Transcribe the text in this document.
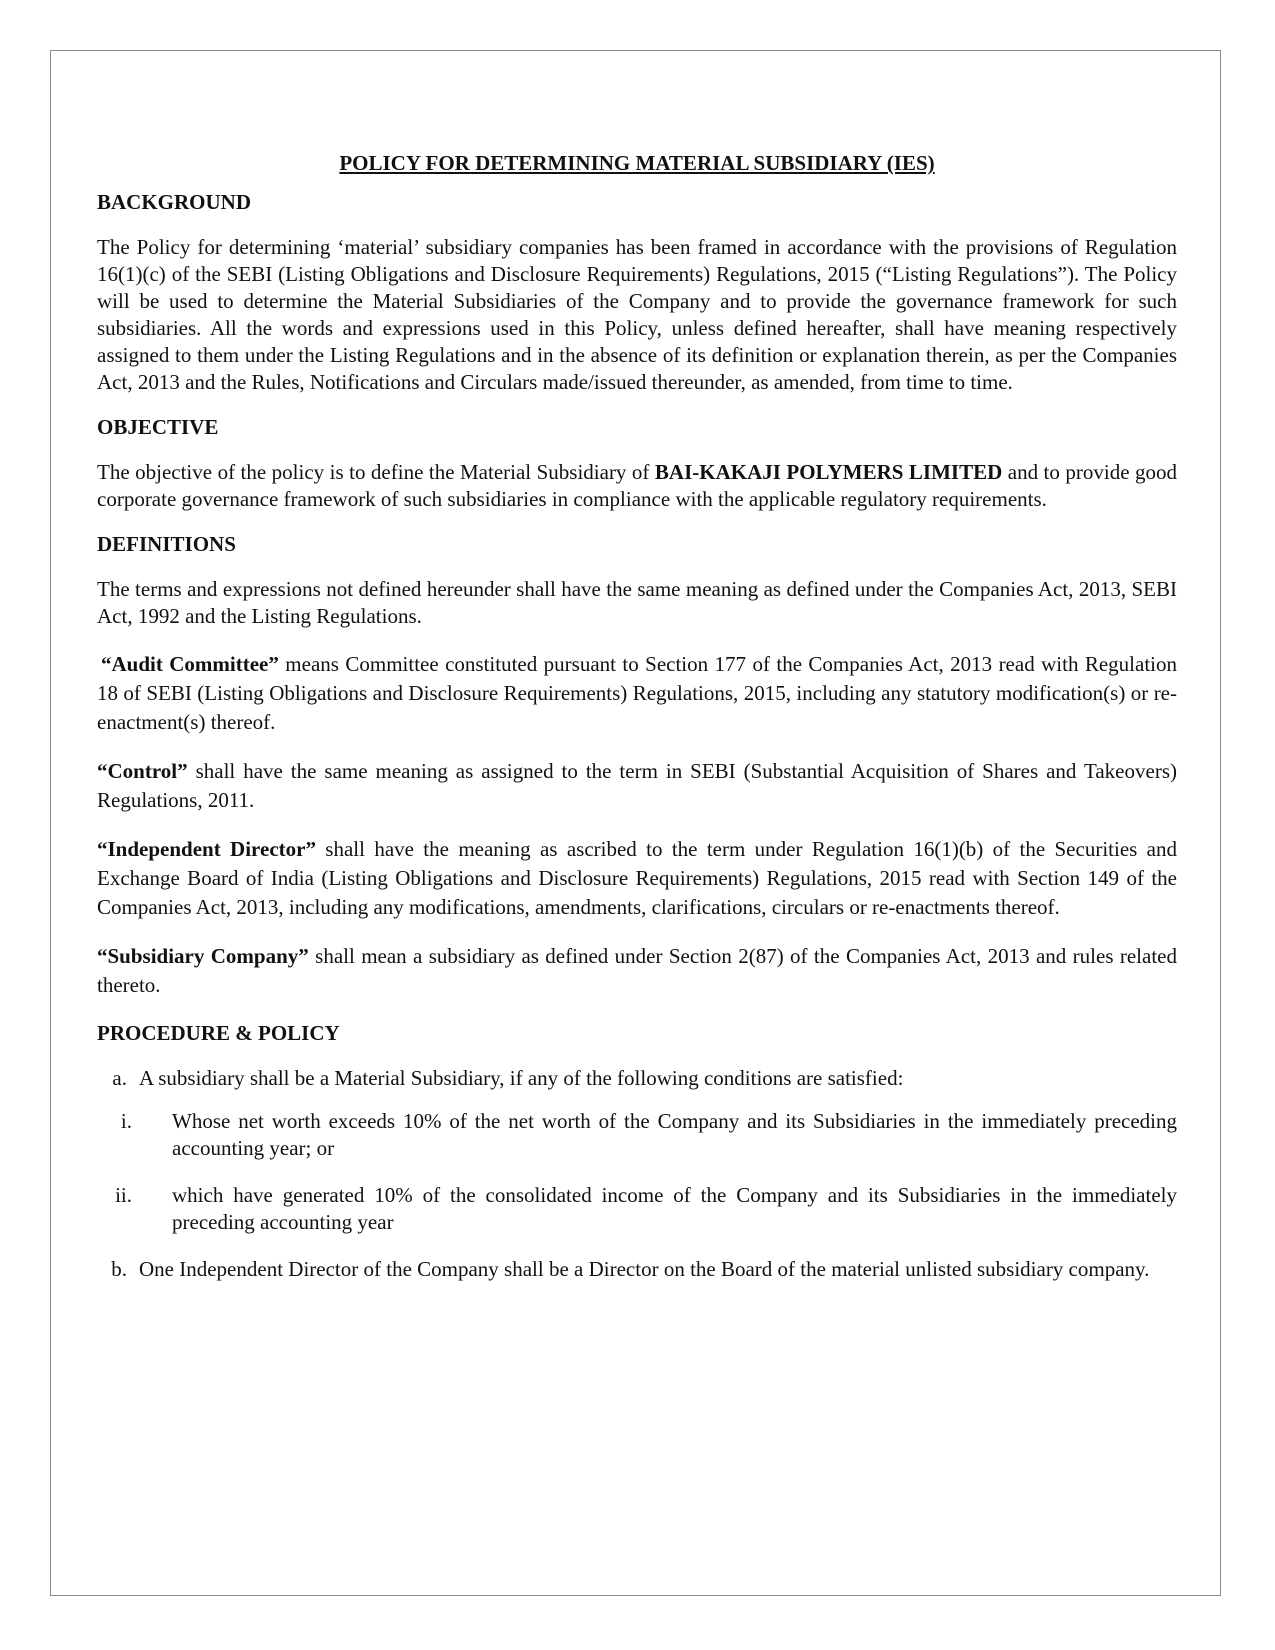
POLICY FOR DETERMINING MATERIAL SUBSIDIARY (IES)
BACKGROUND

The Policy for determining ‘material’ subsidiary companies has been framed in accordance with the provisions of Regulation 16(1)(c) of the SEBI (Listing Obligations and Disclosure Requirements) Regulations, 2015 (“Listing Regulations”). The Policy will be used to determine the Material Subsidiaries of the Company and to provide the governance framework for such subsidiaries. All the words and expressions used in this Policy, unless defined hereafter, shall have meaning respectively assigned to them under the Listing Regulations and in the absence of its definition or explanation therein, as per the Companies Act, 2013 and the Rules, Notifications and Circulars made/issued thereunder, as amended, from time to time.

OBJECTIVE

The objective of the policy is to define the Material Subsidiary of BAI-KAKAJI POLYMERS LIMITED and to provide good corporate governance framework of such subsidiaries in compliance with the applicable regulatory requirements.

DEFINITIONS

The terms and expressions not defined hereunder shall have the same meaning as defined under the Companies Act, 2013, SEBI Act, 1992 and the Listing Regulations.

“Audit Committee” means Committee constituted pursuant to Section 177 of the Companies Act, 2013 read with Regulation 18 of SEBI (Listing Obligations and Disclosure Requirements) Regulations, 2015, including any statutory modification(s) or re-enactment(s) thereof.

“Control” shall have the same meaning as assigned to the term in SEBI (Substantial Acquisition of Shares and Takeovers) Regulations, 2011.

“Independent Director” shall have the meaning as ascribed to the term under Regulation 16(1)(b) of the Securities and Exchange Board of India (Listing Obligations and Disclosure Requirements) Regulations, 2015 read with Section 149 of the Companies Act, 2013, including any modifications, amendments, clarifications, circulars or re-enactments thereof.

“Subsidiary Company” shall mean a subsidiary as defined under Section 2(87) of the Companies Act, 2013 and rules related thereto.

PROCEDURE & POLICY
a. A subsidiary shall be a Material Subsidiary, if any of the following conditions are satisfied:
i.	Whose net worth exceeds 10% of the net worth of the Company and its Subsidiaries in the immediately preceding accounting year; or
ii.	which have generated 10% of the consolidated income of the Company and its Subsidiaries in the immediately preceding accounting year
b. One Independent Director of the Company shall be a Director on the Board of the material unlisted subsidiary company.
